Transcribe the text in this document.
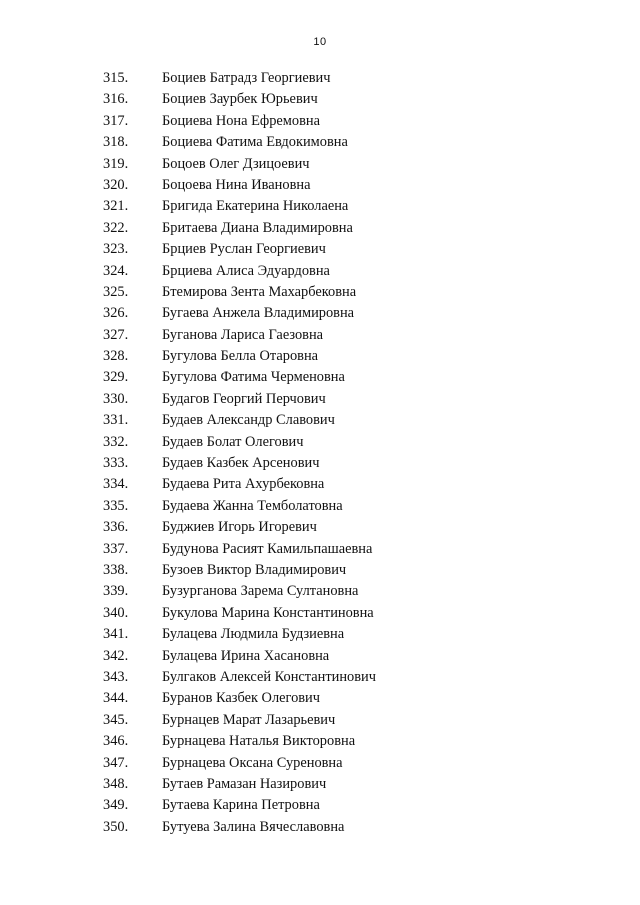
10
315.	Боциев Батрадз Георгиевич
316.	Боциев Заурбек Юрьевич
317.	Боциева Нона Ефремовна
318.	Боциева Фатима Евдокимовна
319.	Боцоев Олег Дзицоевич
320.	Боцоева Нина Ивановна
321.	Бригида Екатерина Николаена
322.	Бритаева Диана Владимировна
323.	Брциев Руслан Георгиевич
324.	Брциева Алиса Эдуардовна
325.	Бтемирова Зента Махарбековна
326.	Бугаева Анжела Владимировна
327.	Буганова Лариса Гаезовна
328.	Бугулова Белла Отаровна
329.	Бугулова Фатима Черменовна
330.	Будагов Георгий Перчович
331.	Будаев Александр Славович
332.	Будаев Болат Олегович
333.	Будаев Казбек Арсенович
334.	Будаева Рита Ахурбековна
335.	Будаева Жанна Темболатовна
336.	Буджиев Игорь Игоревич
337.	Будунова Расият Камильпашаевна
338.	Бузоев Виктор Владимирович
339.	Бузурганова Зарема Султановна
340.	Букулова Марина Константиновна
341.	Булацева Людмила Будзиевна
342.	Булацева Ирина Хасановна
343.	Булгаков Алексей Константинович
344.	Буранов Казбек Олегович
345.	Бурнацев Марат Лазарьевич
346.	Бурнацева Наталья Викторовна
347.	Бурнацева Оксана Суреновна
348.	Бутаев Рамазан Назирович
349.	Бутаева Карина Петровна
350.	Бутуева Залина Вячеславовна
